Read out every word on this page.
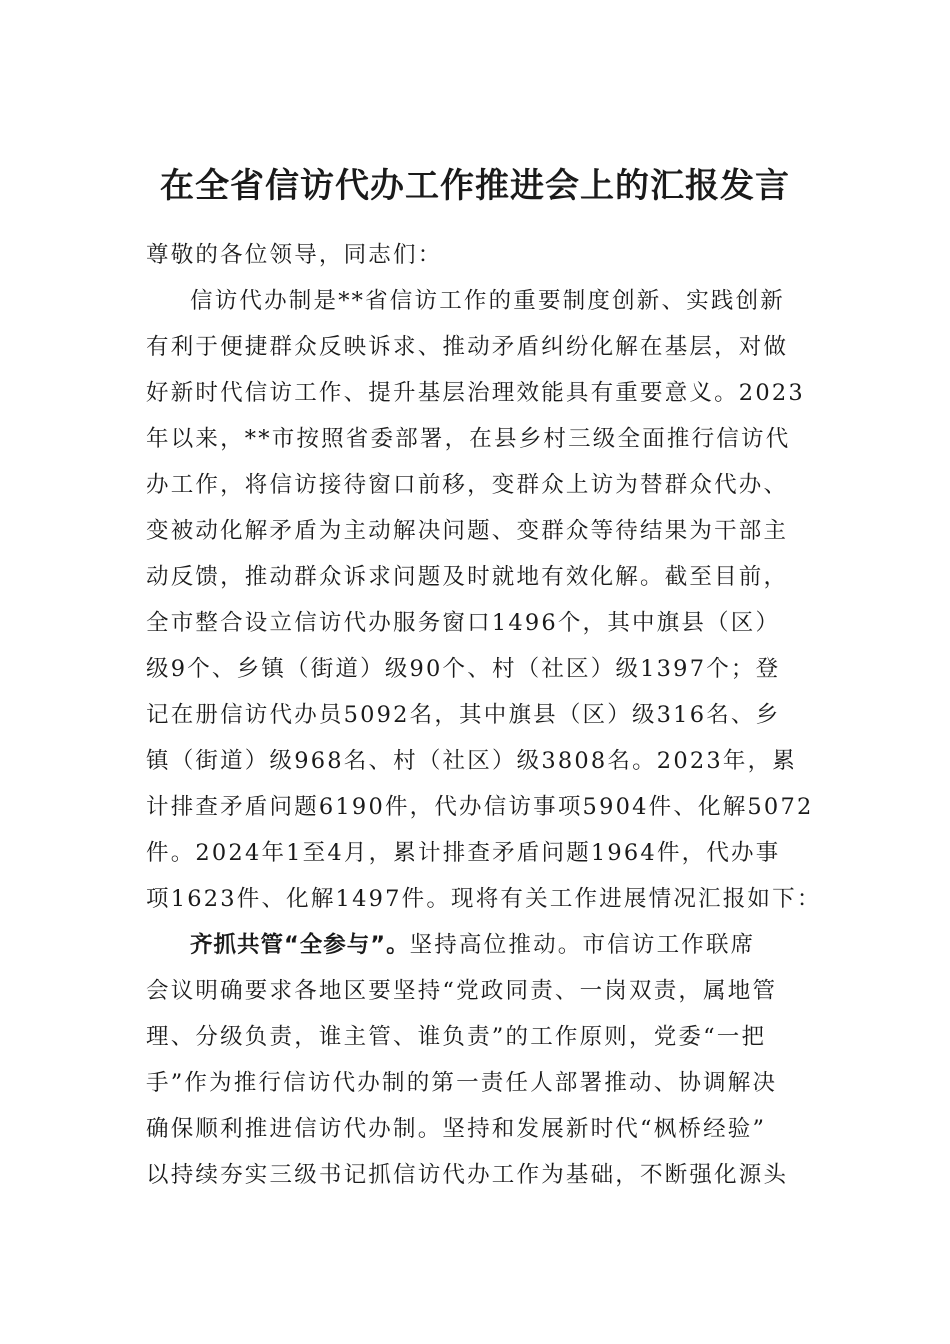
在全省信访代办工作推进会上的汇报发言
尊敬的各位领导，同志们：
信访代办制是**省信访工作的重要制度创新、实践创新
有利于便捷群众反映诉求、推动矛盾纠纷化解在基层，对做
好新时代信访工作、提升基层治理效能具有重要意义。2023
年以来，**市按照省委部署，在县乡村三级全面推行信访代
办工作，将信访接待窗口前移，变群众上访为替群众代办、
变被动化解矛盾为主动解决问题、变群众等待结果为干部主
动反馈，推动群众诉求问题及时就地有效化解。截至目前，
全市整合设立信访代办服务窗口1496个，其中旗县（区）
级9个、乡镇（街道）级90个、村（社区）级1397个；登
记在册信访代办员5092名，其中旗县（区）级316名、乡
镇（街道）级968名、村（社区）级3808名。2023年，累
计排查矛盾问题6190件，代办信访事项5904件、化解5072
件。2024年1至4月，累计排查矛盾问题1964件，代办事
项1623件、化解1497件。现将有关工作进展情况汇报如下：
齐抓共管“全参与”。坚持高位推动。市信访工作联席
会议明确要求各地区要坚持“党政同责、一岗双责，属地管
理、分级负责，谁主管、谁负责”的工作原则，党委“一把
手”作为推行信访代办制的第一责任人部署推动、协调解决
确保顺利推进信访代办制。坚持和发展新时代“枫桥经验”
以持续夯实三级书记抓信访代办工作为基础，不断强化源头
